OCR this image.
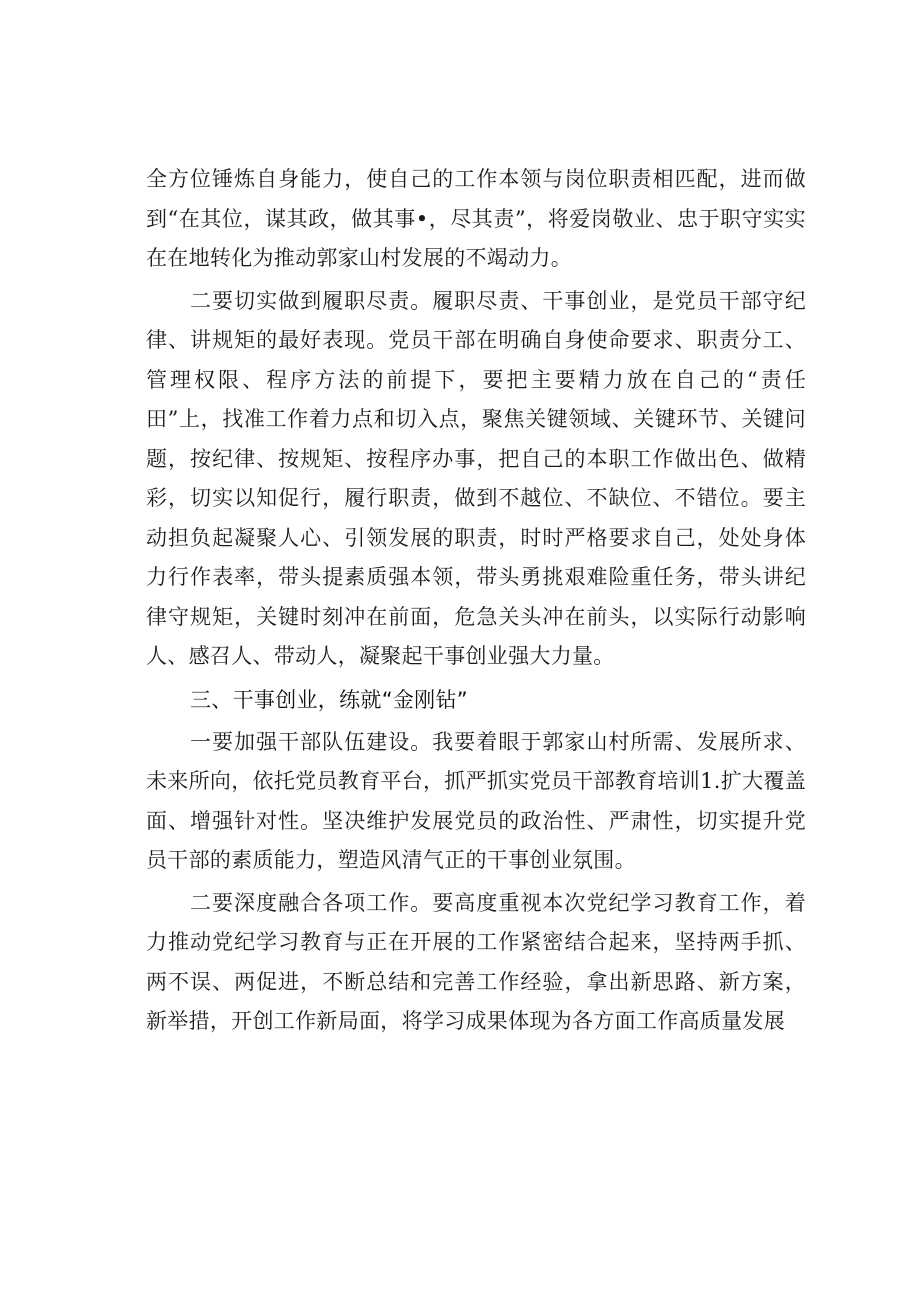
全方位锤炼自身能力，使自己的工作本领与岗位职责相匹配，进而做到“在其位，谋其政，做其事•，尽其责”，将爱岗敬业、忠于职守实实在在地转化为推动郭家山村发展的不竭动力。

二要切实做到履职尽责。履职尽责、干事创业，是党员干部守纪律、讲规矩的最好表现。党员干部在明确自身使命要求、职责分工、管理权限、程序方法的前提下，要把主要精力放在自己的“责任田”上，找准工作着力点和切入点，聚焦关键领域、关键环节、关键问题，按纪律、按规矩、按程序办事，把自己的本职工作做出色、做精彩，切实以知促行，履行职责，做到不越位、不缺位、不错位。要主动担负起凝聚人心、引领发展的职责，时时严格要求自己，处处身体力行作表率，带头提素质强本领，带头勇挑艰难险重任务，带头讲纪律守规矩，关键时刻冲在前面，危急关头冲在前头，以实际行动影响人、感召人、带动人，凝聚起干事创业强大力量。

三、干事创业，练就“金刚钻”

一要加强干部队伍建设。我要着眼于郭家山村所需、发展所求、未来所向，依托党员教育平台，抓严抓实党员干部教育培训1.扩大覆盖面、增强针对性。坚决维护发展党员的政治性、严肃性，切实提升党员干部的素质能力，塑造风清气正的干事创业氛围。

二要深度融合各项工作。要高度重视本次党纪学习教育工作，着力推动党纪学习教育与正在开展的工作紧密结合起来，坚持两手抓、两不误、两促进，不断总结和完善工作经验，拿出新思路、新方案，新举措，开创工作新局面，将学习成果体现为各方面工作高质量发展
